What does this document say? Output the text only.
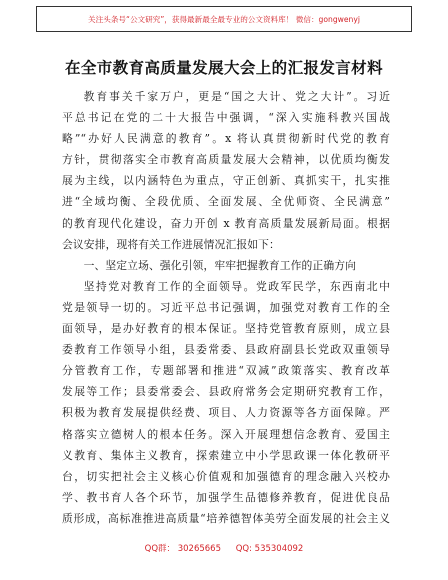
关注头条号“公文研究”，获得最新最全最专业的公文资料库！ 微信：gongwenyj
在全市教育高质量发展大会上的汇报发言材料
教育事关千家万户，更是“国之大计、党之大计”。习近
平总书记在党的二十大报告中强调，“深入实施科教兴国战
略”“办好人民满意的教育”。x 将认真贯彻新时代党的教育
方针，贯彻落实全市教育高质量发展大会精神，以优质均衡发
展为主线，以内涵特色为重点，守正创新、真抓实干，扎实推
进“全域均衡、全段优质、全面发展、全优师资、全民满意”
的教育现代化建设，奋力开创 x 教育高质量发展新局面。根据
会议安排，现将有关工作进展情况汇报如下：
一、坚定立场、强化引领，牢牢把握教育工作的正确方向
坚持党对教育工作的全面领导。党政军民学，东西南北中
党是领导一切的。习近平总书记强调，加强党对教育工作的全
面领导，是办好教育的根本保证。坚持党管教育原则，成立县
委教育工作领导小组，县委常委、县政府副县长党政双重领导
分管教育工作，专题部署和推进“双减”政策落实、教育改革
发展等工作；县委常委会、县政府常务会定期研究教育工作，
积极为教育发展提供经费、项目、人力资源等各方面保障。严
格落实立德树人的根本任务。深入开展理想信念教育、爱国主
义教育、集体主义教育，探索建立中小学思政课一体化教研平
台，切实把社会主义核心价值观和加强德育的理念融入兴校办
学、教书育人各个环节，加强学生品德修养教育，促进优良品
质形成，高标准推进高质量“培养德智体美劳全面发展的社会主义
QQ群： 30265665 QQ: 535304092
